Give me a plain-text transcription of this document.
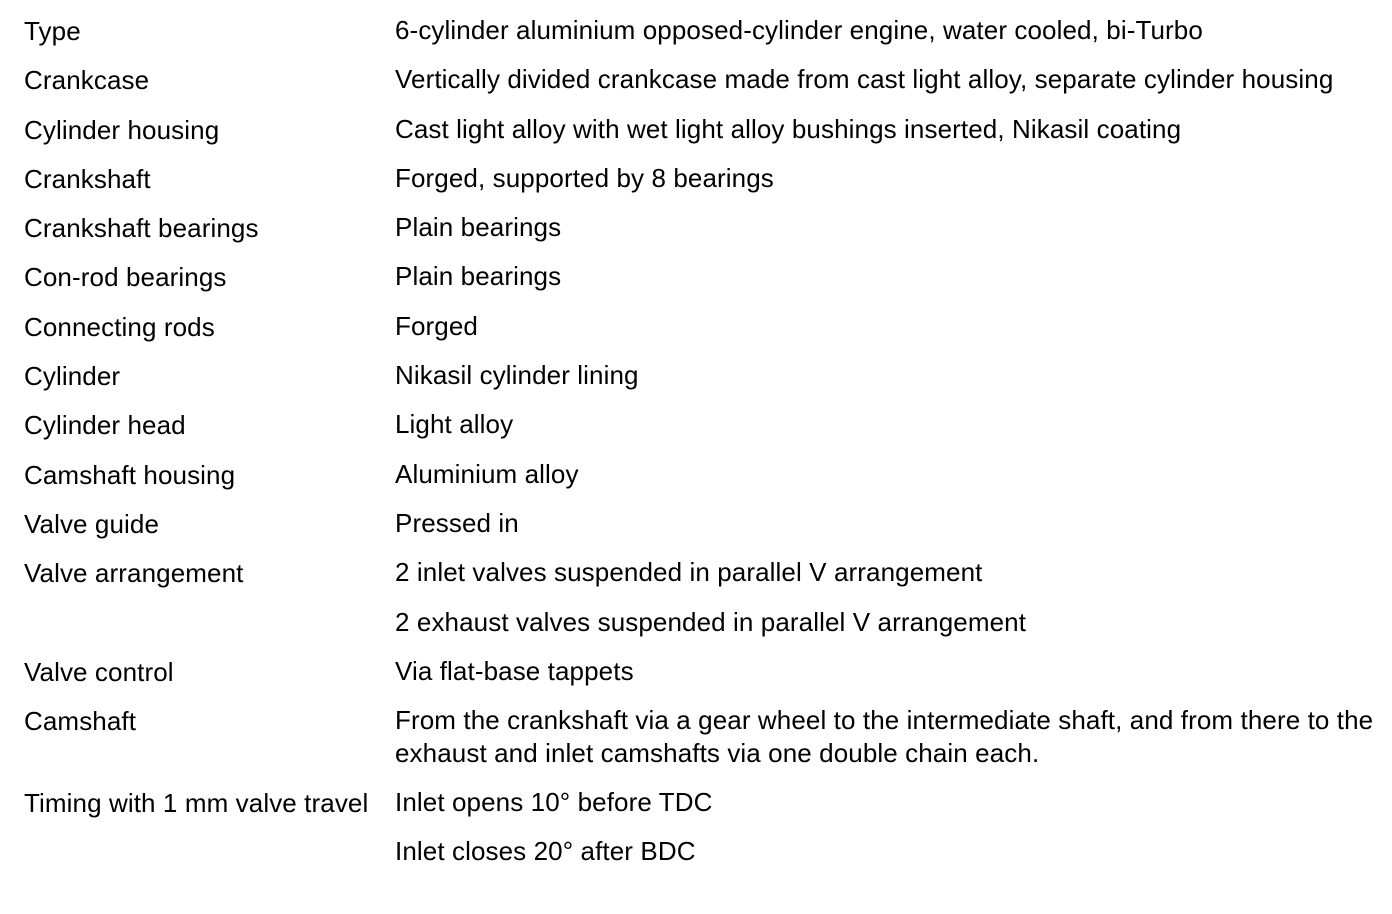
Type	6-cylinder aluminium opposed-cylinder engine, water cooled, bi-Turbo
Crankcase	Vertically divided crankcase made from cast light alloy, separate cylinder housing
Cylinder housing	Cast light alloy with wet light alloy bushings inserted, Nikasil coating
Crankshaft	Forged, supported by 8 bearings
Crankshaft bearings	Plain bearings
Con-rod bearings	Plain bearings
Connecting rods	Forged
Cylinder	Nikasil cylinder lining
Cylinder head	Light alloy
Camshaft housing	Aluminium alloy
Valve guide	Pressed in
Valve arrangement	2 inlet valves suspended in parallel V arrangement
2 exhaust valves suspended in parallel V arrangement
Valve control	Via flat-base tappets
Camshaft	From the crankshaft via a gear wheel to the intermediate shaft, and from there to the exhaust and inlet camshafts via one double chain each.
Timing with 1 mm valve travel	Inlet opens 10° before TDC
Inlet closes 20° after BDC
